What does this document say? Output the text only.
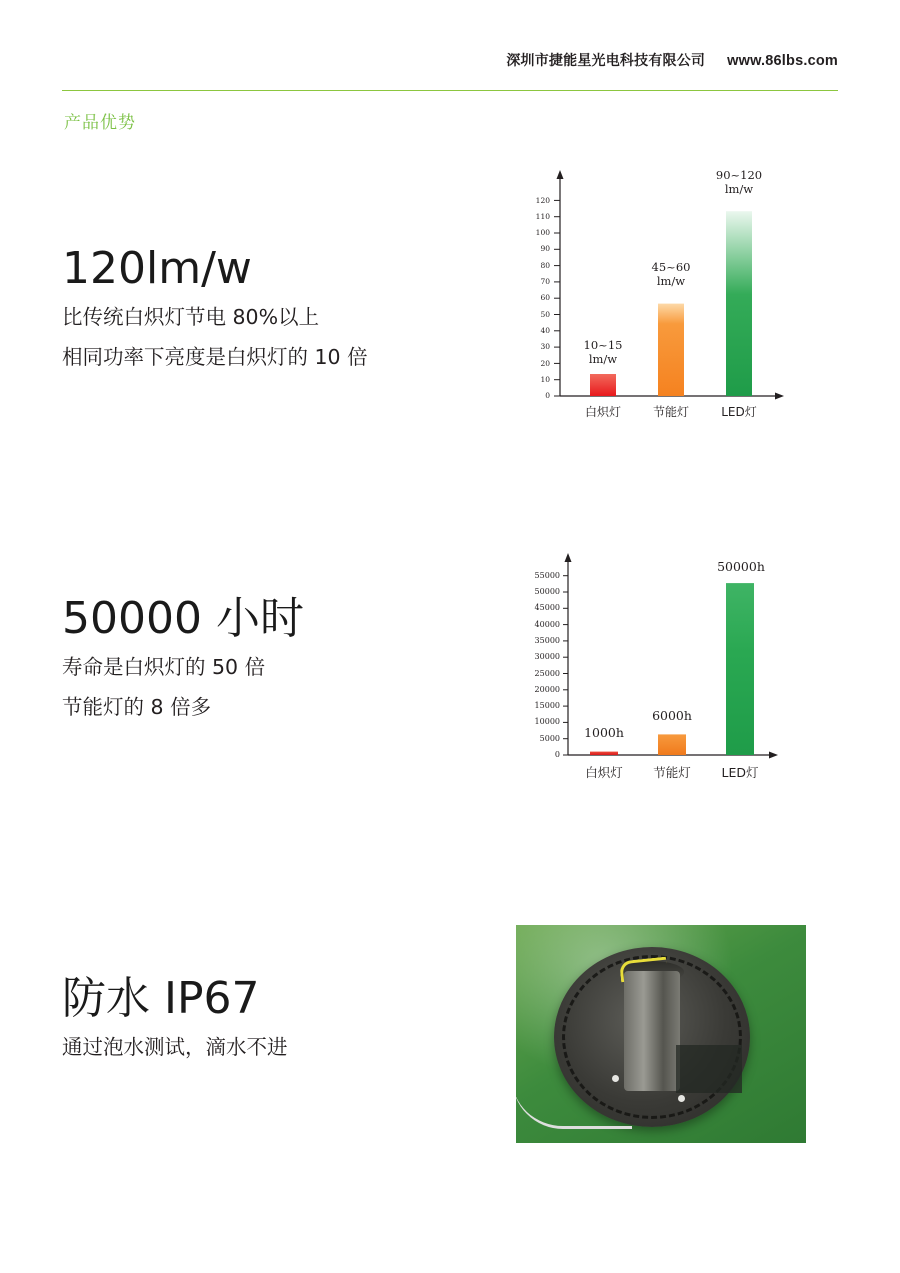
深圳市捷能星光电科技有限公司 www.86lbs.com
产品优势
120lm/w
比传统白炽灯节电 80%以上
相同功率下亮度是白炽灯的 10 倍
50000 小时
寿命是白炽灯的 50 倍
节能灯的 8 倍多
防水 IP67
通过泡水测试，滴水不进
0
10
20
30
40
50
60
70
80
90
100
110
120
10~15
lm/w
45~60
lm/w
90~120
lm/w
白炽灯	节能灯	LED灯
0
5000
10000
15000
20000
25000
30000
35000
40000
45000
50000
55000
1000h
6000h
50000h
白炽灯	节能灯	LED灯
